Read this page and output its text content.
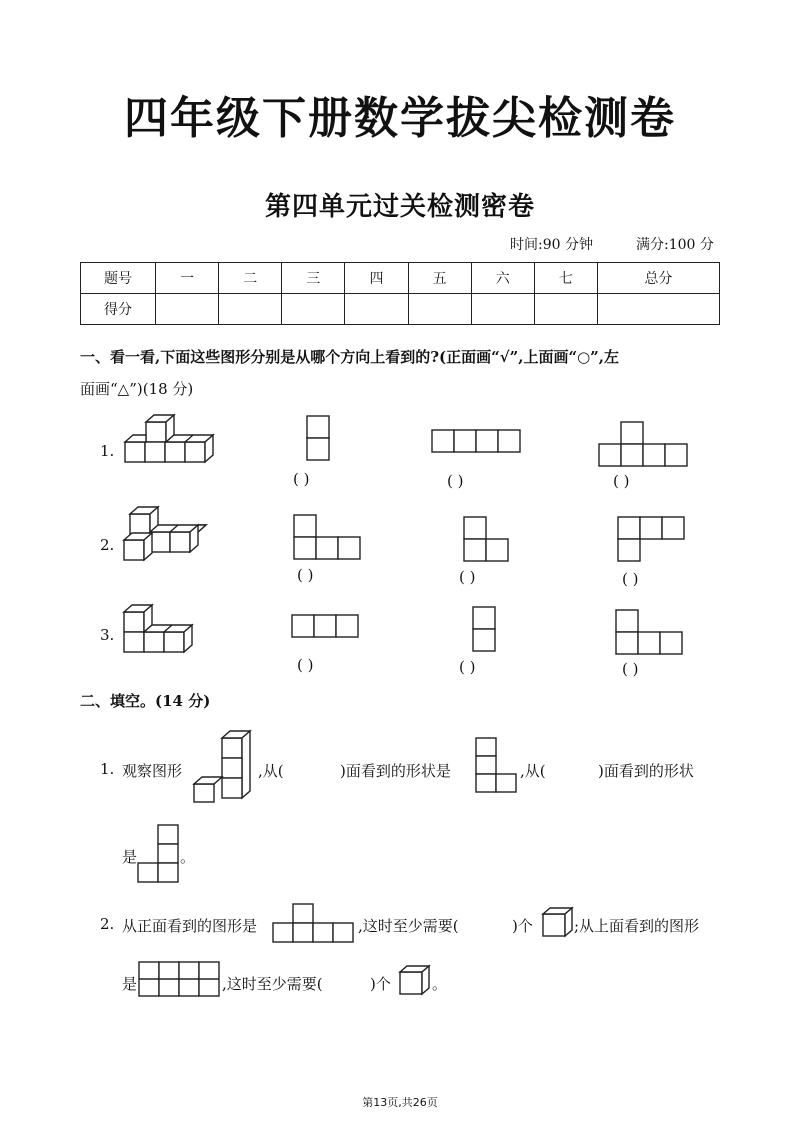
四年级下册数学拔尖检测卷
第四单元过关检测密卷
时间:90 分钟	满分:100 分
题号	一	二	三	四	五	六	七	总分
得分								
一、看一看,下面这些图形分别是从哪个方向上看到的?(正面画“√”,上面画“○”,左
面画“△”)(18 分)
1.
( )	( )	( )
2.
( )	( )	( )
3.
( )	( )	( )
二、填空。(14 分)
1. 观察图形	,从(	)面看到的形状是	,从(	)面看到的形状
是	。
2. 从正面看到的图形是	,这时至少需要(	)个	;从上面看到的图形
是	,这时至少需要(	)个	。
第13页,共26页
